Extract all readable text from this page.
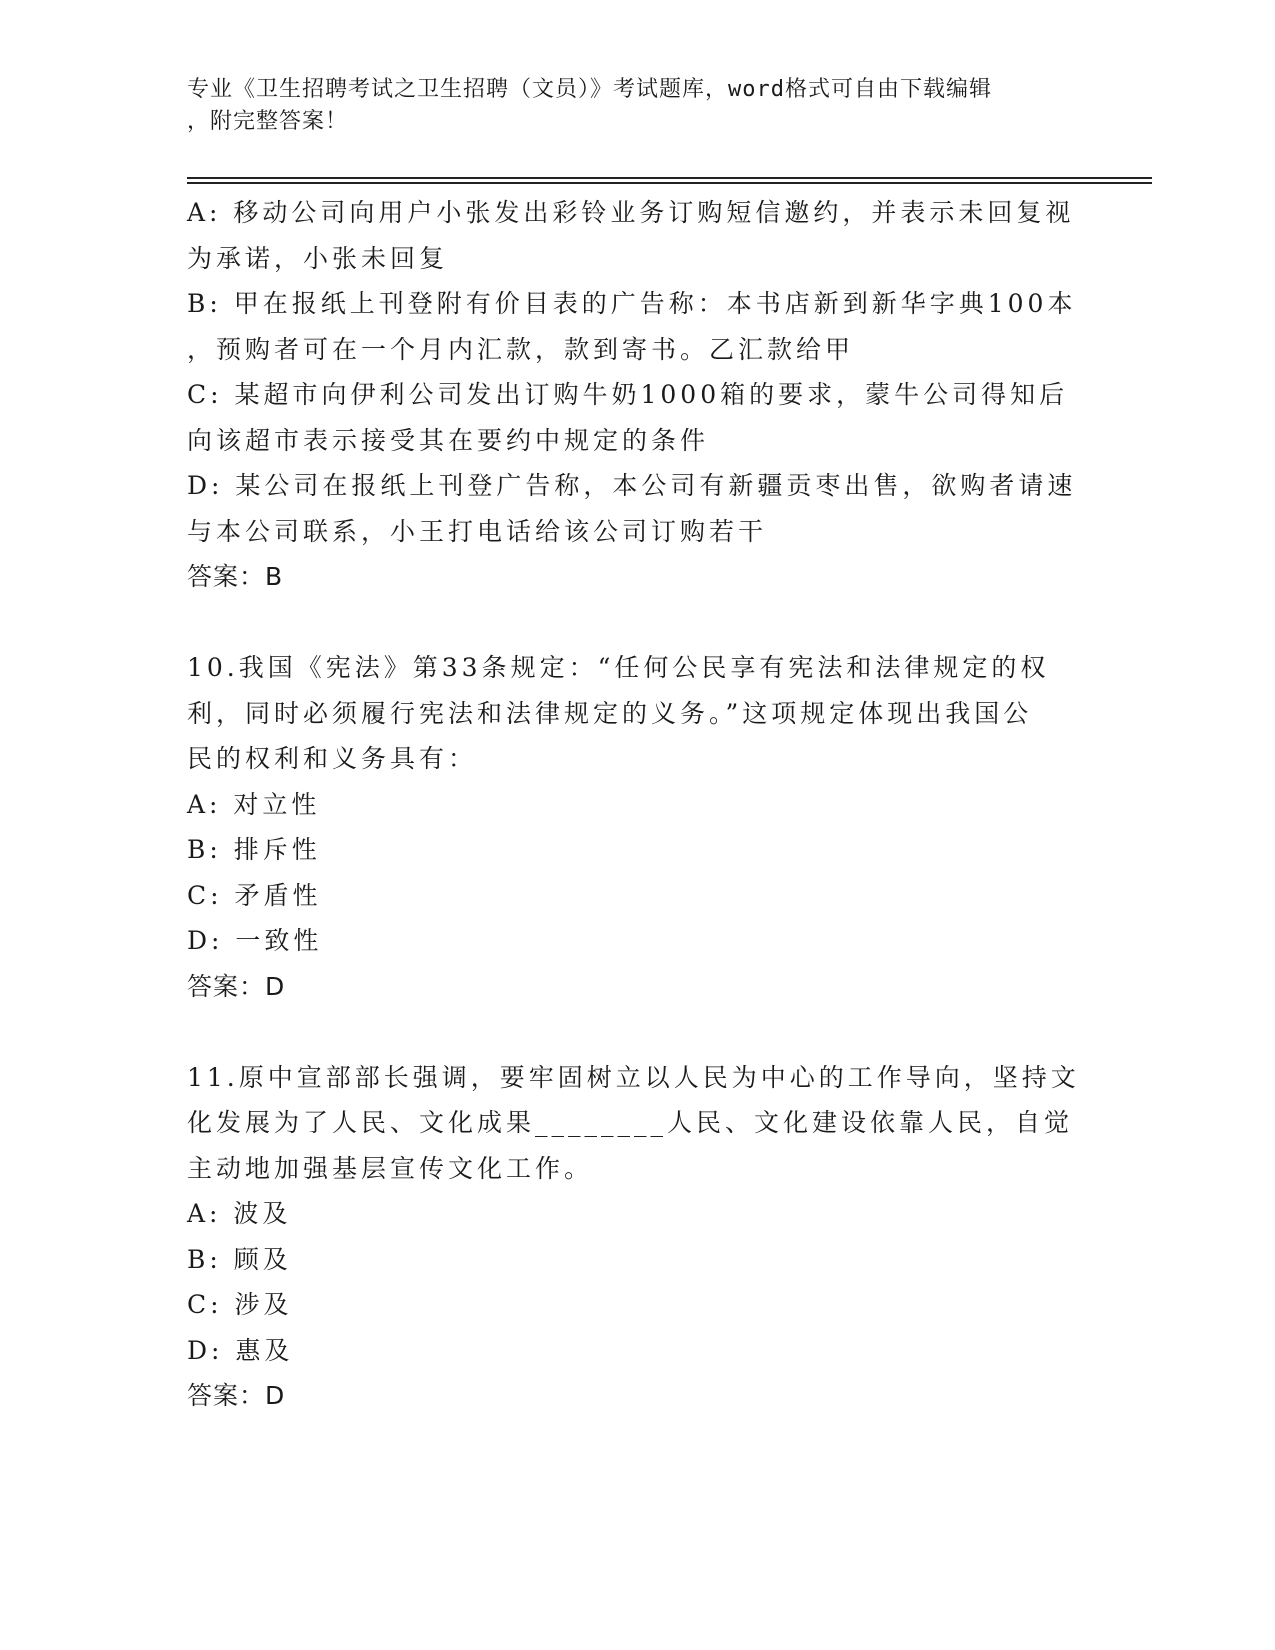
专业《卫生招聘考试之卫生招聘（文员）》考试题库，word格式可自由下载编辑
，附完整答案！
A: 移动公司向用户小张发出彩铃业务订购短信邀约，并表示未回复视
为承诺，小张未回复
B: 甲在报纸上刊登附有价目表的广告称：本书店新到新华字典100本
，预购者可在一个月内汇款，款到寄书。乙汇款给甲
C: 某超市向伊利公司发出订购牛奶1000箱的要求，蒙牛公司得知后
向该超市表示接受其在要约中规定的条件
D: 某公司在报纸上刊登广告称，本公司有新疆贡枣出售，欲购者请速
与本公司联系，小王打电话给该公司订购若干
答案：B
10.我国《宪法》第33条规定：“任何公民享有宪法和法律规定的权
利，同时必须履行宪法和法律规定的义务。”这项规定体现出我国公
民的权利和义务具有：
A: 对立性
B: 排斥性
C: 矛盾性
D: 一致性
答案：D
11.原中宣部部长强调，要牢固树立以人民为中心的工作导向，坚持文
化发展为了人民、文化成果________人民、文化建设依靠人民，自觉
主动地加强基层宣传文化工作。
A: 波及
B: 顾及
C: 涉及
D: 惠及
答案：D
